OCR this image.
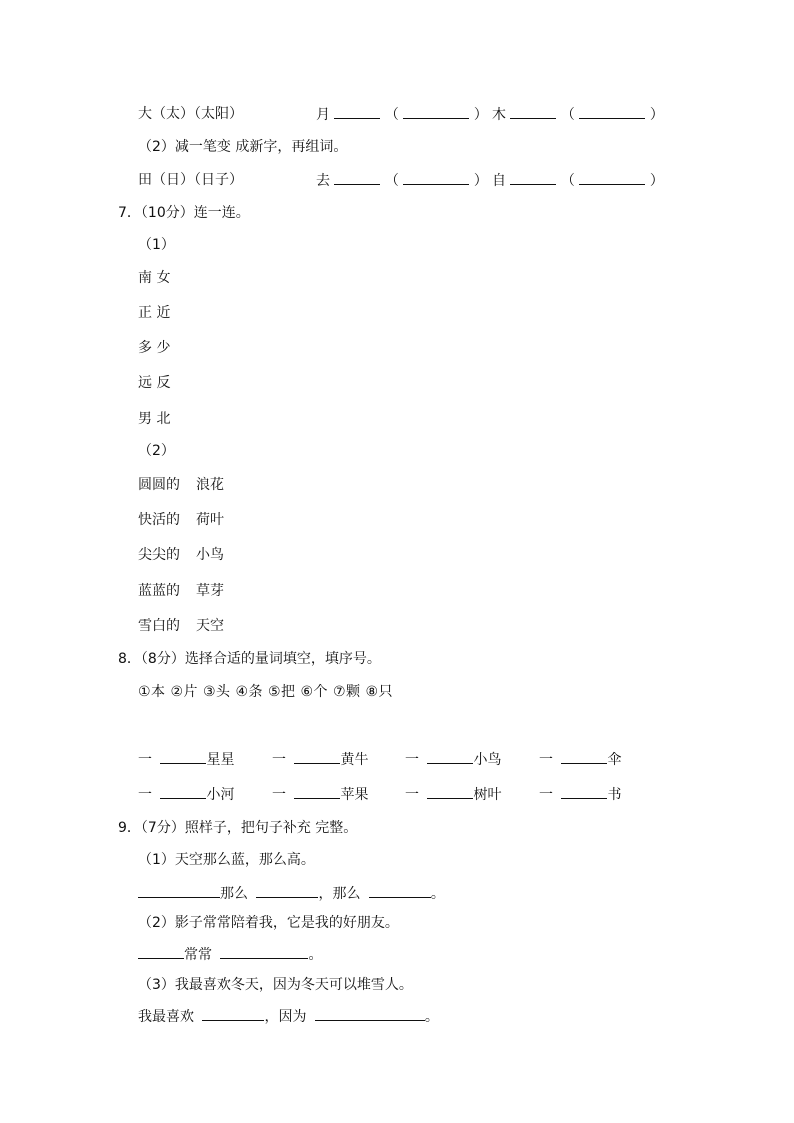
大（太）（太阳）	月	（	） 木	（	）
（2）减一笔变 成新字，再组词。
田（日）（日子）	去	（	） 自	（	）
7．（10分）连一连。
（1）
南 女
正 近
多 少
远 反
男 北
（2）
圆圆的 浪花
快活的 荷叶
尖尖的 小鸟
蓝蓝的 草芽
雪白的 天空
8．（8分）选择合适的量词填空，填序号。
①本 ②片 ③头 ④条 ⑤把 ⑥个 ⑦颗 ⑧只
一	星星	一	黄牛	一	小鸟	一	伞
一	小河	一	苹果	一	树叶	一	书
9．（7分）照样子，把句子补充 完整。
（1）天空那么蓝，那么高。
那么	，那么	。
（2）影子常常陪着我，它是我的好朋友。
常常	。
（3）我最喜欢冬天，因为冬天可以堆雪人。
我最喜欢	，因为	。
